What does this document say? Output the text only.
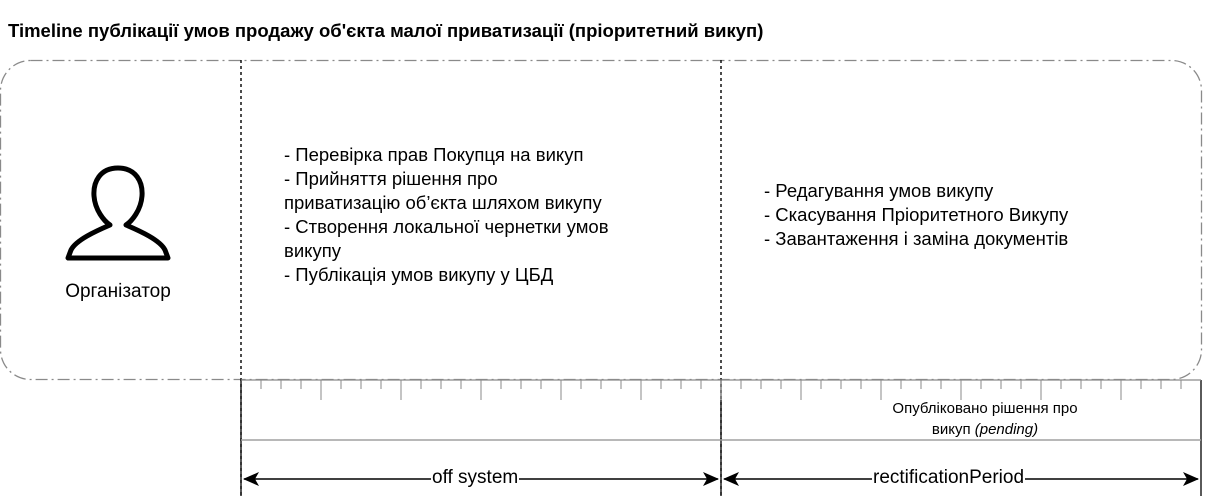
Timeline публікації умов продажу об'єкта малої приватизації (пріоритетний викуп)
Організатор
- Перевірка прав Покупця на викуп
- Прийняття рішення про
приватизацію об’єкта шляхом викупу
- Створення локальної чернетки умов
викупу
- Публікація умов викупу у ЦБД
- Редагування умов викупу
- Скасування Пріоритетного Викупу
- Завантаження і заміна документів
Опубліковано рішення про
викуп (pending)
off system	rectificationPeriod
